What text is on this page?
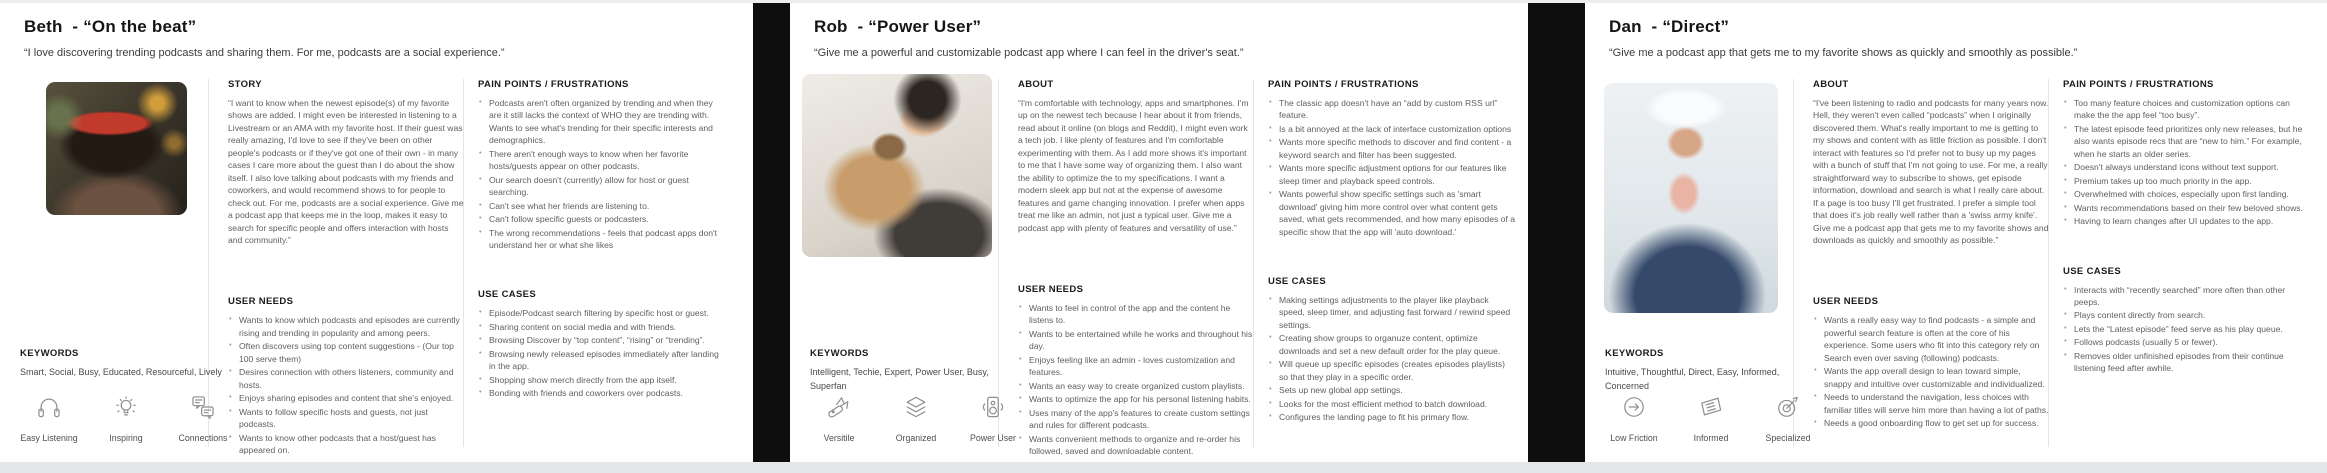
Beth  - “On the beat”

“I love discovering trending podcasts and sharing them. For me, podcasts are a social experience.”

STORY

“I want to know when the newest episode(s) of my favorite shows are added. I might even be interested in listening to a Livestream or an AMA with my favorite host. If their guest was really amazing, I'd love to see if they've been on other people's podcasts or if they've got one of their own - in many cases I care more about the guest than I do about the show itself. I also love talking about podcasts with my friends and coworkers, and would recommend shows to for people to check out. For me, podcasts are a social experience. Give me a podcast app that keeps me in the loop, makes it easy to search for specific people and offers interaction with hosts and community.”

USER NEEDS
• Wants to know which podcasts and episodes are currently rising and trending in popularity and among peers.
• Often discovers using top content suggestions - (Our top 100 serve them)
• Desires connection with others listeners, community and hosts.
• Enjoys sharing episodes and content that she's enjoyed.
• Wants to follow specific hosts and guests, not just podcasts.
• Wants to know other podcasts that a host/guest has appeared on.
PAIN POINTS / FRUSTRATIONS
• Podcasts aren't often organized by trending and when they are it still lacks the context of WHO they are trending with. Wants to see what's trending for their specific interests and demographics.
• There aren't enough ways to know when her favorite hosts/guests appear on other podcasts.
• Our search doesn't (currently) allow for host or guest searching.
• Can't see what her friends are listening to.
• Can't follow specific guests or podcasters.
• The wrong recommendations - feels that podcast apps don't understand her or what she likes
USE CASES
• Episode/Podcast search filtering by specific host or guest.
• Sharing content on social media and with friends.
• Browsing Discover by “top content”, “rising” or “trending”.
• Browsing newly released episodes immediately after landing in the app.
• Shopping show merch directly from the app itself.
• Bonding with friends and coworkers over podcasts.
KEYWORDS
Smart, Social, Busy, Educated, Resourceful, Lively
Easy Listening	Inspiring	Connections
Rob  - “Power User”

“Give me a powerful and customizable podcast app where I can feel in the driver's seat.”

ABOUT

“I'm comfortable with technology, apps and smartphones. I'm up on the newest tech because I hear about it from friends, read about it online (on blogs and Reddit), I might even work a tech job. I like plenty of features and I'm comfortable experimenting with them. As I add more shows it's important to me that I have some way of organizing them. I also want the ability to optimize the to my specifications. I want a modern sleek app but not at the expense of awesome features and game changing innovation. I prefer when apps treat me like an admin, not just a typical user. Give me a podcast app with plenty of features and versatility of use.”

USER NEEDS
• Wants to feel in control of the app and the content he listens to.
• Wants to be entertained while he works and throughout his day.
• Enjoys feeling like an admin - loves customization and features.
• Wants an easy way to create organized custom playlists.
• Wants to optimize the app for his personal listening habits.
• Uses many of the app's features to create custom settings and rules for different podcasts.
• Wants convenient methods to organize and re-order his followed, saved and downloadable content.
PAIN POINTS / FRUSTRATIONS
• The classic app doesn't have an “add by custom RSS url” feature.
• Is a bit annoyed at the lack of interface customization options
• Wants more specific methods to discover and find content - a keyword search and filter has been suggested.
• Wants more specific adjustment options for our features like sleep timer and playback speed controls.
• Wants powerful show specific settings such as 'smart download' giving him more control over what content gets saved, what gets recommended, and how many episodes of a specific show that the app will 'auto download.'
USE CASES
• Making settings adjustments to the player like playback speed, sleep timer, and adjusting fast forward / rewind speed settings.
• Creating show groups to organuze content, optimize downloads and set a new default order for the play queue.
• Will queue up specific episodes (creates episodes playlists) so that they play in a specific order.
• Sets up new global app settings.
• Looks for the most efficient method to batch download.
• Configures the landing page to fit his primary flow.
KEYWORDS
Intelligent, Techie, Expert, Power User, Busy, Superfan
Versitile	Organized	Power User
Dan  - “Direct”

“Give me a podcast app that gets me to my favorite shows as quickly and smoothly as possible.”

ABOUT

“I've been listening to radio and podcasts for many years now. Hell, they weren't even called “podcasts” when I originally discovered them. What's really important to me is getting to my shows and content with as little friction as possible. I don't interact with features so I'd prefer not to busy up my pages with a bunch of stuff that I'm not going to use. For me, a really straightforward way to subscribe to shows, get episode information, download and search is what I really care about. If a page is too busy I'll get frustrated. I prefer a simple tool that does it's job really well rather than a 'swiss army knife'. Give me a podcast app that gets me to my favorite shows and downloads as quickly and smoothly as possible.”

USER NEEDS
• Wants a really easy way to find podcasts - a simple and powerful search feature is often at the core of his experience. Some users who fit into this category rely on Search even over saving (following) podcasts.
• Wants the app overall design to lean toward simple, snappy and intuitive over customizable and individualized.
• Needs to understand the navigation, less choices with familiar titles will serve him more than having a lot of paths.
• Needs a good onboarding flow to get set up for success.
PAIN POINTS / FRUSTRATIONS
• Too many feature choices and customization options can make the the app feel “too busy”.
• The latest episode feed prioritizes only new releases, but he also wants episode recs that are “new to him.” For example, when he starts an older series.
• Doesn't always understand icons without text support.
• Premium takes up too much priority in the app.
• Overwhelmed with choices, especially upon first landing.
• Wants recommendations based on their few beloved shows.
• Having to learn changes after UI updates to the app.
USE CASES
• Interacts with “recently searched” more often than other peeps.
• Plays content directly from search.
• Lets the “Latest episode” feed serve as his play queue.
• Follows podcasts (usually 5 or fewer).
• Removes older unfinished episodes from their continue listening feed after awhile.
KEYWORDS
Intuitive, Thoughtful, Direct, Easy, Informed, Concerned
Low Friction	Informed	Specialized
